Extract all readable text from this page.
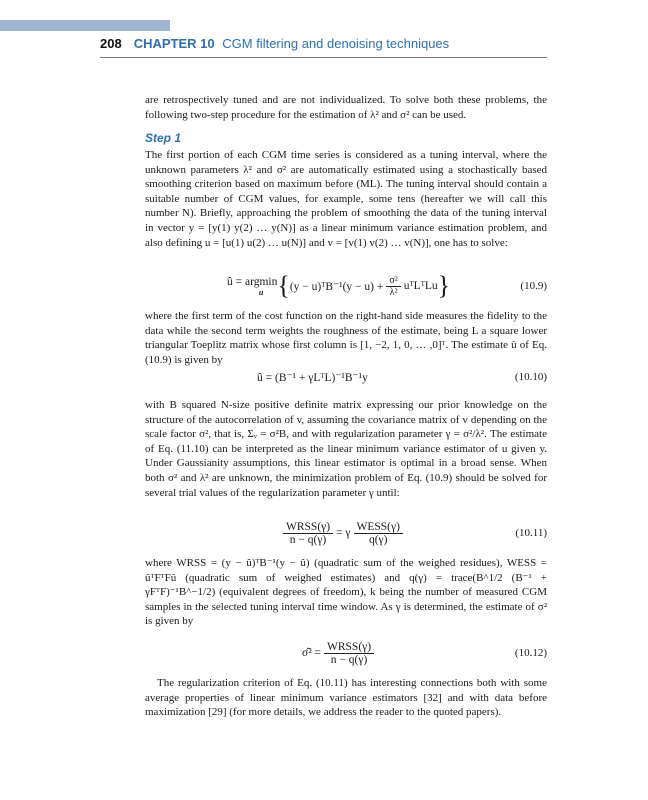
208 CHAPTER 10 CGM filtering and denoising techniques
are retrospectively tuned and are not individualized. To solve both these problems, the following two-step procedure for the estimation of λ² and σ² can be used.
Step 1
The first portion of each CGM time series is considered as a tuning interval, where the unknown parameters λ² and σ² are automatically estimated using a stochastically based smoothing criterion based on maximum before (ML). The tuning interval should contain a suitable number of CGM values, for example, some tens (hereafter we will call this number N). Briefly, approaching the problem of smoothing the data of the tuning interval in vector y = [y(1) y(2) … y(N)] as a linear minimum variance estimation problem, and also defining u = [u(1) u(2) … u(N)] and v = [v(1) v(2) … v(N)], one has to solve:
û = argmin
u { (y − u)ᵀB⁻¹(y − $u) + \frac{\text{σ²}}{\text{λ²}}$ uᵀLᵀLu }	(10.9)
where the first term of the cost function on the right-hand side measures the fidelity to the data while the second term weights the roughness of the estimate, being L a square lower triangular Toeplitz matrix whose first column is [1, −2, 1, 0, … ,0]ᵀ. The estimate û of Eq. (10.9) is given by
û = (B⁻¹ + γLᵀL)⁻¹B⁻¹y	(10.10)
with B squared N-size positive definite matrix expressing our prior knowledge on the structure of the autocorrelation of v, assuming the covariance matrix of v depending on the scale factor σ², that is, Σᵥ = σ²B, and with regularization parameter γ = σ²/λ². The estimate of Eq. (11.10) can be interpreted as the linear minimum variance estimator of u given y. Under Gaussianity assumptions, this linear estimator is optimal in a broad sense. When both σ² and λ² are unknown, the minimization problem of Eq. (10.9) should be solved for several trial values of the regularization parameter γ until:
$\frac{\text{WRSS(γ)}}{n - q(\gamma)} = \gamma \frac{\text{WESS(γ)}}{q(\gamma)}$	(10.11)
where WRSS = (y − û)ᵀB⁻¹(y − û) (quadratic sum of the weighed residues), WESS = ûᵀFᵀFû (quadratic sum of weighed estimates) and q(γ) = trace(B^1/2 (B⁻¹ + γFᵀF)⁻¹B^−1/2) (equivalent degrees of freedom), k being the number of measured CGM samples in the selected tuning interval time window. As γ is determined, the estimate of σ² is given by
σ̂² = $\frac{\text{WRSS(γ)}}{n - q(\gamma)}$	(10.12)
The regularization criterion of Eq. (10.11) has interesting connections both with some average properties of linear minimum variance estimators [32] and with data before maximization [29] (for more details, we address the reader to the quoted papers).
